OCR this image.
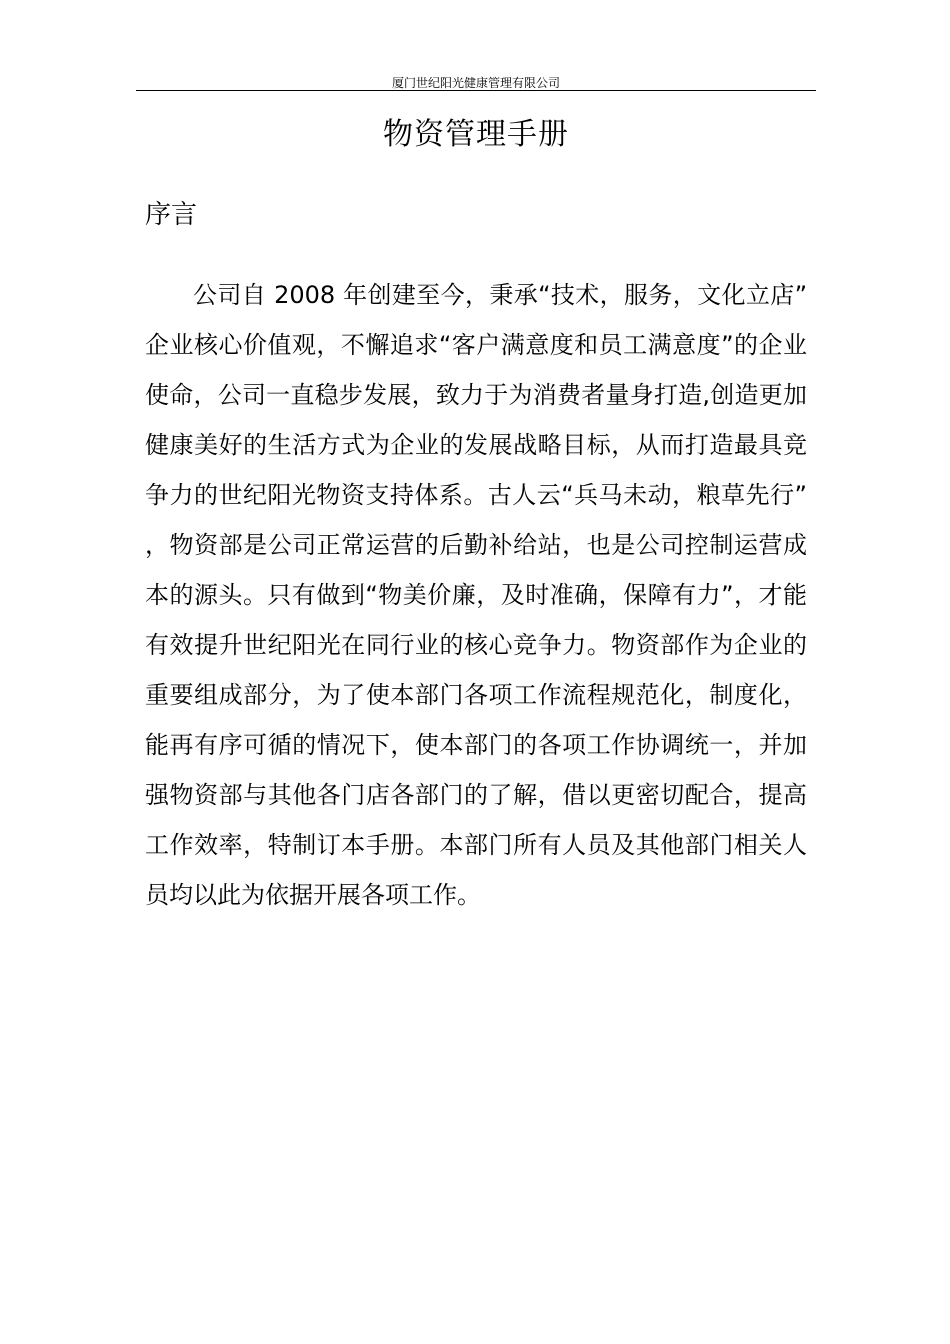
厦门世纪阳光健康管理有限公司
物资管理手册
序言

公司自 2008 年创建至今，秉承“技术，服务，文化立店”企业核心价值观，不懈追求“客户满意度和员工满意度”的企业使命，公司一直稳步发展，致力于为消费者量身打造,创造更加健康美好的生活方式为企业的发展战略目标，从而打造最具竞争力的世纪阳光物资支持体系。古人云“兵马未动，粮草先行”，物资部是公司正常运营的后勤补给站，也是公司控制运营成本的源头。只有做到“物美价廉，及时准确，保障有力”，才能有效提升世纪阳光在同行业的核心竞争力。物资部作为企业的重要组成部分，为了使本部门各项工作流程规范化，制度化，能再有序可循的情况下，使本部门的各项工作协调统一，并加强物资部与其他各门店各部门的了解，借以更密切配合，提高工作效率，特制订本手册。本部门所有人员及其他部门相关人员均以此为依据开展各项工作。
